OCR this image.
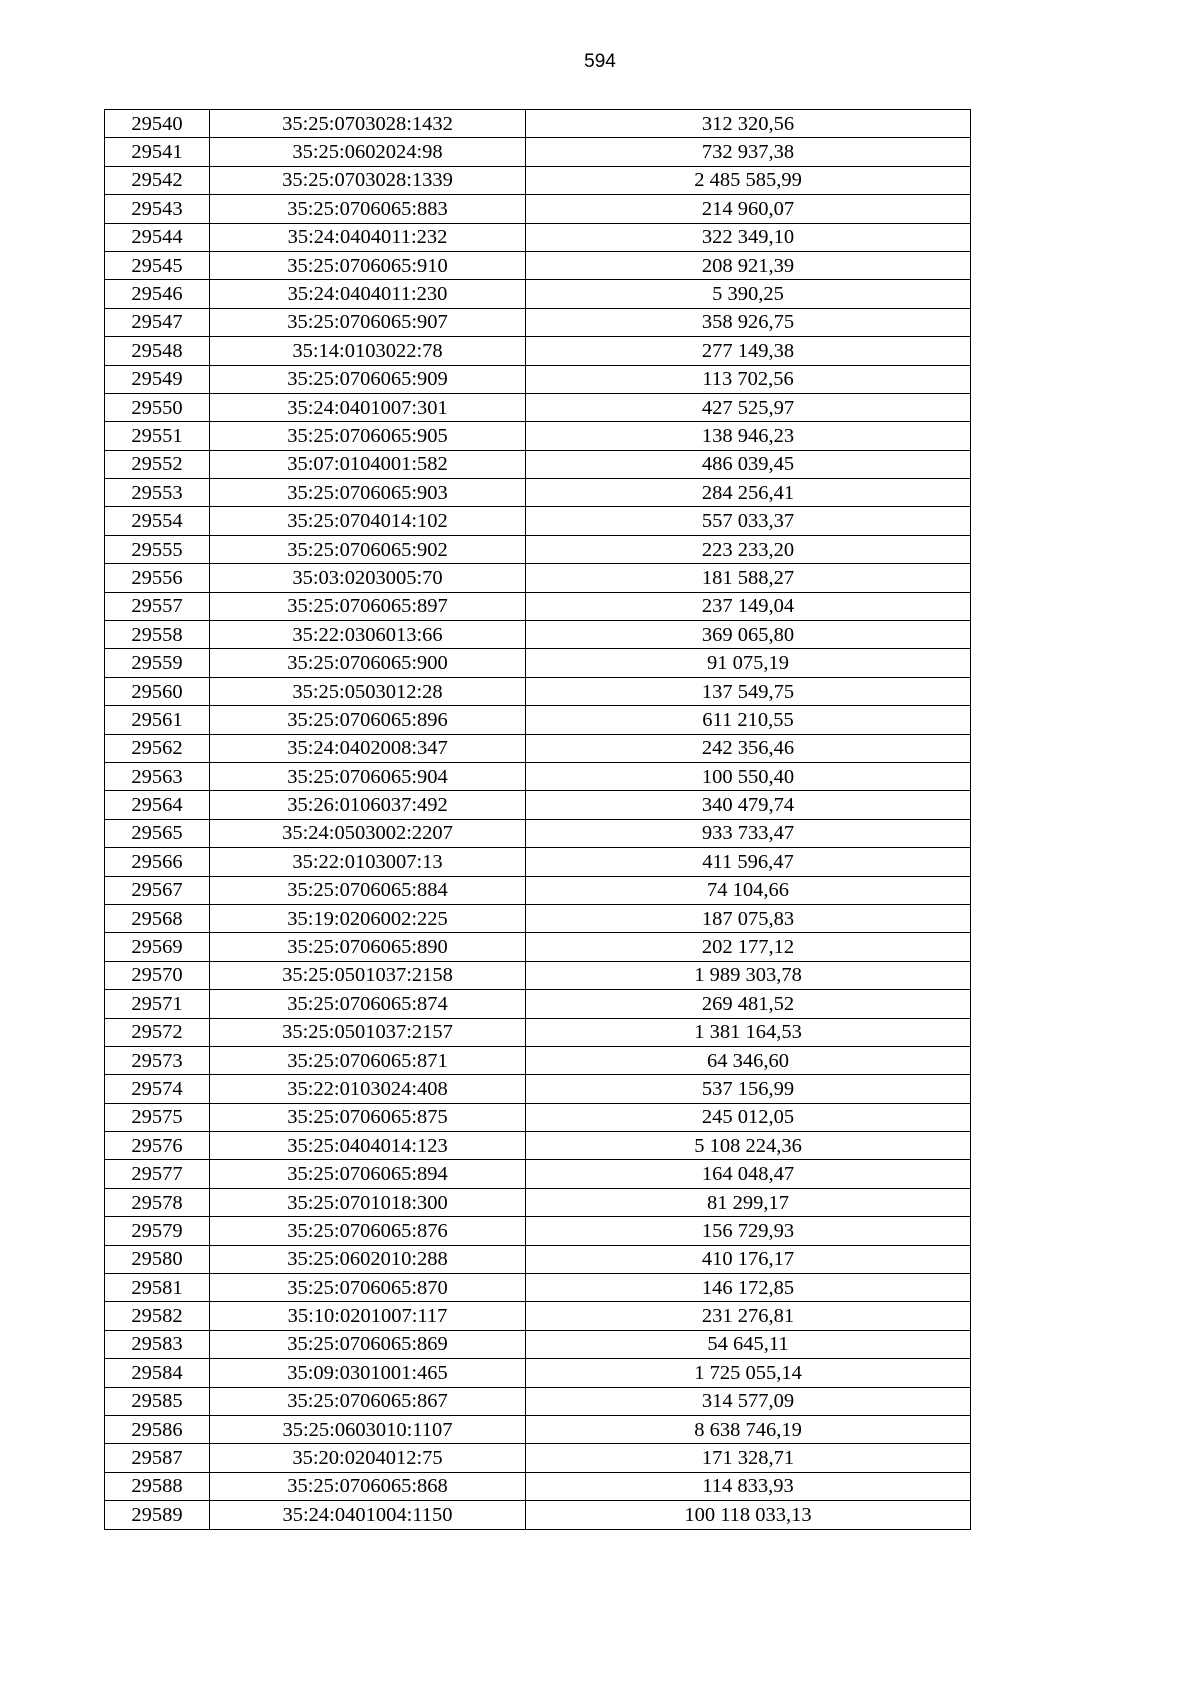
594
29540	35:25:0703028:1432	312 320,56
29541	35:25:0602024:98	732 937,38
29542	35:25:0703028:1339	2 485 585,99
29543	35:25:0706065:883	214 960,07
29544	35:24:0404011:232	322 349,10
29545	35:25:0706065:910	208 921,39
29546	35:24:0404011:230	5 390,25
29547	35:25:0706065:907	358 926,75
29548	35:14:0103022:78	277 149,38
29549	35:25:0706065:909	113 702,56
29550	35:24:0401007:301	427 525,97
29551	35:25:0706065:905	138 946,23
29552	35:07:0104001:582	486 039,45
29553	35:25:0706065:903	284 256,41
29554	35:25:0704014:102	557 033,37
29555	35:25:0706065:902	223 233,20
29556	35:03:0203005:70	181 588,27
29557	35:25:0706065:897	237 149,04
29558	35:22:0306013:66	369 065,80
29559	35:25:0706065:900	91 075,19
29560	35:25:0503012:28	137 549,75
29561	35:25:0706065:896	611 210,55
29562	35:24:0402008:347	242 356,46
29563	35:25:0706065:904	100 550,40
29564	35:26:0106037:492	340 479,74
29565	35:24:0503002:2207	933 733,47
29566	35:22:0103007:13	411 596,47
29567	35:25:0706065:884	74 104,66
29568	35:19:0206002:225	187 075,83
29569	35:25:0706065:890	202 177,12
29570	35:25:0501037:2158	1 989 303,78
29571	35:25:0706065:874	269 481,52
29572	35:25:0501037:2157	1 381 164,53
29573	35:25:0706065:871	64 346,60
29574	35:22:0103024:408	537 156,99
29575	35:25:0706065:875	245 012,05
29576	35:25:0404014:123	5 108 224,36
29577	35:25:0706065:894	164 048,47
29578	35:25:0701018:300	81 299,17
29579	35:25:0706065:876	156 729,93
29580	35:25:0602010:288	410 176,17
29581	35:25:0706065:870	146 172,85
29582	35:10:0201007:117	231 276,81
29583	35:25:0706065:869	54 645,11
29584	35:09:0301001:465	1 725 055,14
29585	35:25:0706065:867	314 577,09
29586	35:25:0603010:1107	8 638 746,19
29587	35:20:0204012:75	171 328,71
29588	35:25:0706065:868	114 833,93
29589	35:24:0401004:1150	100 118 033,13
